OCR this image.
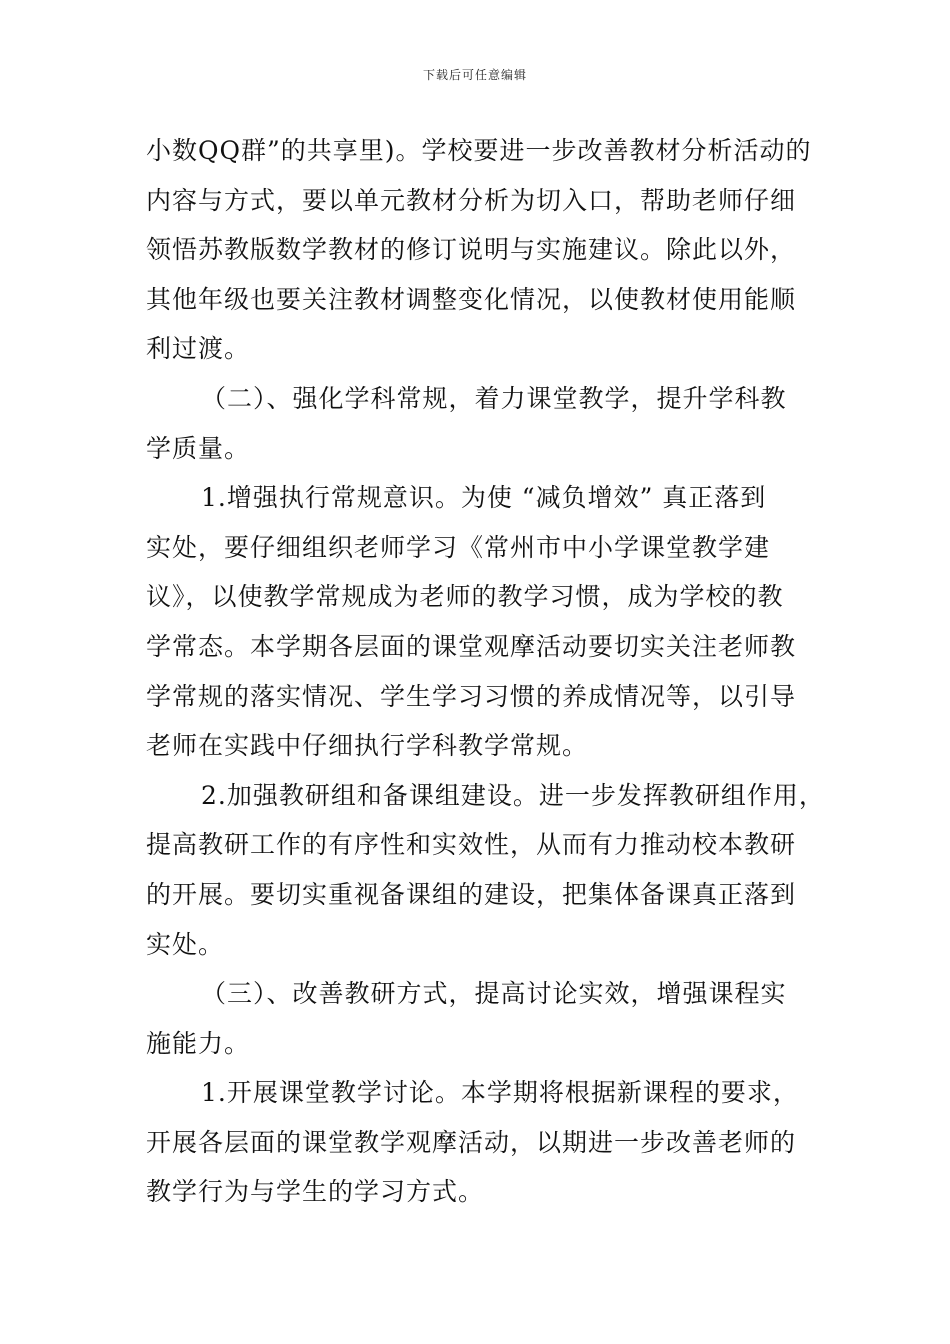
下载后可任意编辑
小数QQ群”的共享里)。学校要进一步改善教材分析活动的
内容与方式，要以单元教材分析为切入口，帮助老师仔细
领悟苏教版数学教材的修订说明与实施建议。除此以外，
其他年级也要关注教材调整变化情况，以使教材使用能顺
利过渡。
（二）、强化学科常规，着力课堂教学，提升学科教
学质量。
1.增强执行常规意识。为使 “减负增效” 真正落到
实处，要仔细组织老师学习《常州市中小学课堂教学建
议》，以使教学常规成为老师的教学习惯，成为学校的教
学常态。本学期各层面的课堂观摩活动要切实关注老师教
学常规的落实情况、学生学习习惯的养成情况等，以引导
老师在实践中仔细执行学科教学常规。
2.加强教研组和备课组建设。进一步发挥教研组作用，
提高教研工作的有序性和实效性，从而有力推动校本教研
的开展。要切实重视备课组的建设，把集体备课真正落到
实处。
（三）、改善教研方式，提高讨论实效，增强课程实
施能力。
1.开展课堂教学讨论。本学期将根据新课程的要求，
开展各层面的课堂教学观摩活动，以期进一步改善老师的
教学行为与学生的学习方式。
